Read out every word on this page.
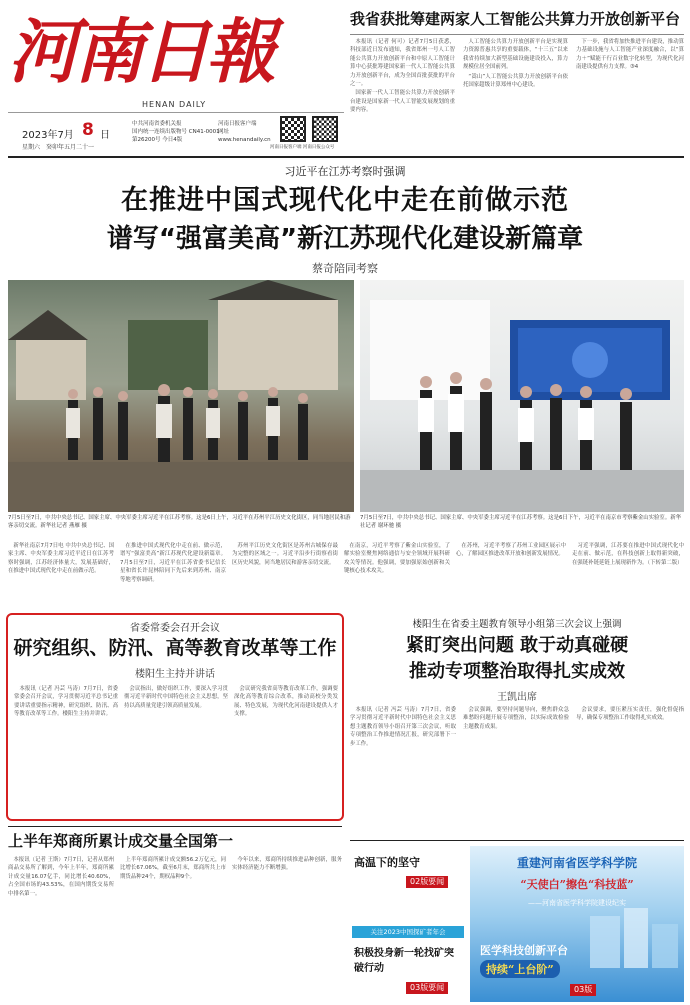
河南日報
HENAN DAILY
2023年7月 8 日
星期六 癸卯年五月二十一
中共河南省委机关报
国内统一连续出版物号 CN41-0001
第26200号 今日4版
河南日报客户端
网址 www.henandaily.cn
河南日报客户端 河南日报公众号
我省获批筹建两家人工智能公共算力开放创新平台

本报讯（记者 何可）记者7月5日获悉，科技部近日发布通知，我省郑州一号人工智能公共算力开放创新平台和中原人工智能计算中心获批筹建国家新一代人工智能公共算力开放创新平台，成为全国首批获批的平台之一。

国家新一代人工智能公共算力开放创新平台建设是国家新一代人工智能发展规划的重要内容。

人工智能公共算力开放创新平台是实现算力资源普惠共享的重要载体，“十三五”以来我省持续加大新型基础设施建设投入，算力规模位居全国前列。

“嵩山”人工智能公共算力开放创新平台依托国家超级计算郑州中心建设。

下一步，我省将加快推进平台建设，推动算力基础设施与人工智能产业深度融合，以“算力＋”赋能千行百业数字化转型，为现代化河南建设提供有力支撑。③4

习近平在江苏考察时强调
在推进中国式现代化中走在前做示范
谱写“强富美高”新江苏现代化建设新篇章
蔡奇陪同考察
7月5日至7日，中共中央总书记、国家主席、中央军委主席习近平在江苏考察。这是6日上午，习近平在苏州平江历史文化街区，同当地居民和游客亲切交流。新华社记者 燕雁 摄
7月5日至7日，中共中央总书记、国家主席、中央军委主席习近平在江苏考察。这是6日下午，习近平在南京市考察紫金山实验室。新华社记者 谢环驰 摄

新华社南京7月7日电 中共中央总书记、国家主席、中央军委主席习近平近日在江苏考察时强调，江苏经济体量大，发展基础好，在推进中国式现代化中走在前做示范。

在推进中国式现代化中走在前、做示范，谱写“强富美高”新江苏现代化建设新篇章。7月5日至7日，习近平在江苏省委书记信长星和省长许昆林陪同下先后来到苏州、南京等地考察调研。

苏州平江历史文化街区是苏州古城保存最为完整的区域之一。习近平沿步行街察看街区历史风貌，同当地居民和游客亲切交流。

在南京，习近平考察了紫金山实验室，了解实验室聚焦网络通信与安全领域开展科研攻关等情况。他强调，要加强原始创新和关键核心技术攻关。

在苏州，习近平考察了苏州工业园区展示中心，了解园区推进改革开放和创新发展情况。

习近平强调，江苏要在推进中国式现代化中走在前、做示范，在科技创新上取得新突破，在强链补链延链上展现新作为。（下转第二版）

省委常委会召开会议
研究组织、防汛、高等教育改革等工作
楼阳生主持并讲话

本报讯（记者 冯芸 马涛）7月7日，省委常委会召开会议，学习贯彻习近平总书记重要讲话重要指示精神，研究组织、防汛、高等教育改革等工作。楼阳生主持并讲话。

会议指出，做好组织工作，要深入学习贯彻习近平新时代中国特色社会主义思想，坚持以高质量党建引领高质量发展。

会议研究我省高等教育改革工作，强调要深化高等教育综合改革，推动高校分类发展、特色发展，为现代化河南建设提供人才支撑。

楼阳生在省委主题教育领导小组第三次会议上强调
紧盯突出问题 敢于动真碰硬
推动专项整治取得扎实成效
王凯出席

本报讯（记者 冯芸 马涛）7月7日，省委学习贯彻习近平新时代中国特色社会主义思想主题教育领导小组召开第三次会议，听取专项整治工作推进情况汇报，研究部署下一步工作。

会议强调，要坚持问题导向，聚焦群众急难愁盼问题开展专项整治，以实际成效检验主题教育成果。

会议要求，要压紧压实责任，强化督促指导，确保专项整治工作取得扎实成效。

上半年郑商所累计成交量全国第一

本报讯（记者 王斯）7月7日，记者从郑州商品交易所了解到，今年上半年，郑商所累计成交量16.07亿手，同比增长40.60%，占全国市场的43.53%，在国内期货交易所中排名第一。

上半年郑商所累计成交额56.2万亿元，同比增长67.06%，截至6月末，郑商所共上市期货品种24个，期权品种9个。

今年以来，郑商所持续推进品种创新，服务实体经济能力不断增强。	高温下的坚守
02版要闻
关注2023中国探矿者年会
积极投身新一轮找矿突破行动
03版要闻
重建河南省医学科学院
“天使白”擦色“科技蓝”
——河南省医学科学院建设纪实
医学科技创新平台
持续“上台阶”
03版
